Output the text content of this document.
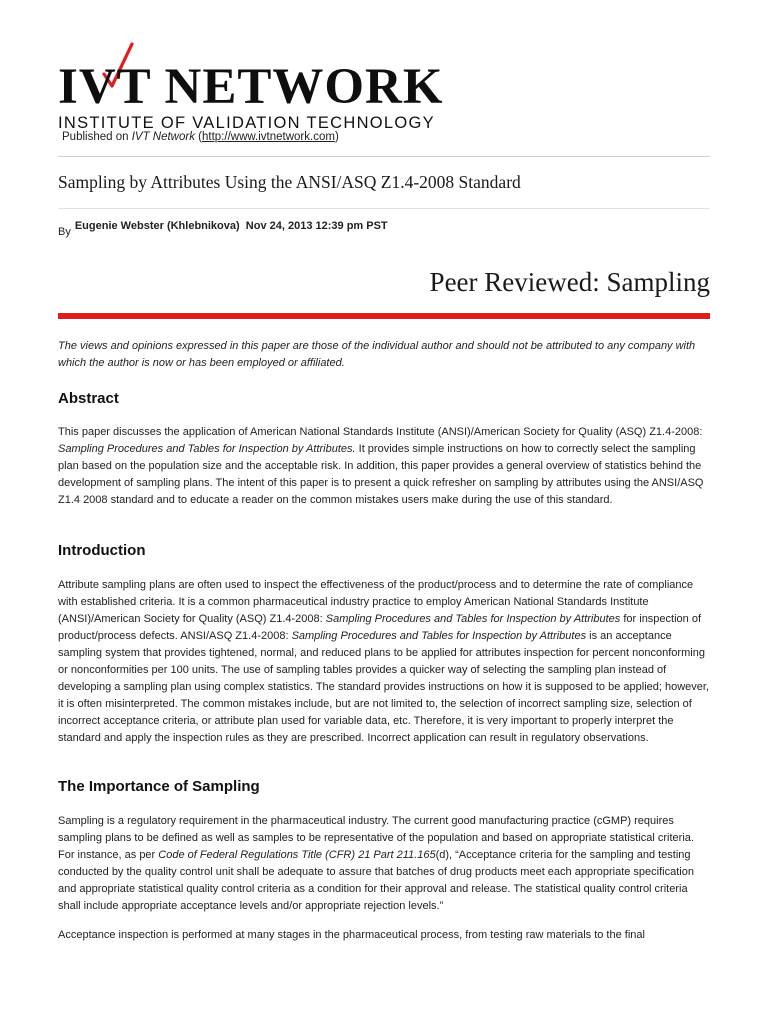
IVT NETWORK
INSTITUTE OF VALIDATION TECHNOLOGY
Published on IVT Network (http://www.ivtnetwork.com)
Sampling by Attributes Using the ANSI/ASQ Z1.4-2008 Standard
By Eugenie Webster (Khlebnikova) Nov 24, 2013 12:39 pm PST
Peer Reviewed: Sampling
The views and opinions expressed in this paper are those of the individual author and should not be attributed to any company with which the author is now or has been employed or affiliated.
Abstract
This paper discusses the application of American National Standards Institute (ANSI)/American Society for Quality (ASQ) Z1.4-2008: Sampling Procedures and Tables for Inspection by Attributes. It provides simple instructions on how to correctly select the sampling plan based on the population size and the acceptable risk. In addition, this paper provides a general overview of statistics behind the development of sampling plans. The intent of this paper is to present a quick refresher on sampling by attributes using the ANSI/ASQ Z1.4 2008 standard and to educate a reader on the common mistakes users make during the use of this standard.
Introduction
Attribute sampling plans are often used to inspect the effectiveness of the product/process and to determine the rate of compliance with established criteria. It is a common pharmaceutical industry practice to employ American National Standards Institute (ANSI)/American Society for Quality (ASQ) Z1.4-2008: Sampling Procedures and Tables for Inspection by Attributes for inspection of product/process defects. ANSI/ASQ Z1.4-2008: Sampling Procedures and Tables for Inspection by Attributes is an acceptance sampling system that provides tightened, normal, and reduced plans to be applied for attributes inspection for percent nonconforming or nonconformities per 100 units. The use of sampling tables provides a quicker way of selecting the sampling plan instead of developing a sampling plan using complex statistics. The standard provides instructions on how it is supposed to be applied; however, it is often misinterpreted. The common mistakes include, but are not limited to, the selection of incorrect sampling size, selection of incorrect acceptance criteria, or attribute plan used for variable data, etc. Therefore, it is very important to properly interpret the standard and apply the inspection rules as they are prescribed. Incorrect application can result in regulatory observations.
The Importance of Sampling
Sampling is a regulatory requirement in the pharmaceutical industry. The current good manufacturing practice (cGMP) requires sampling plans to be defined as well as samples to be representative of the population and based on appropriate statistical criteria. For instance, as per Code of Federal Regulations Title (CFR) 21 Part 211.165(d), “Acceptance criteria for the sampling and testing conducted by the quality control unit shall be adequate to assure that batches of drug products meet each appropriate specification and appropriate statistical quality control criteria as a condition for their approval and release. The statistical quality control criteria shall include appropriate acceptance levels and/or appropriate rejection levels.”
Acceptance inspection is performed at many stages in the pharmaceutical process, from testing raw materials to the final
